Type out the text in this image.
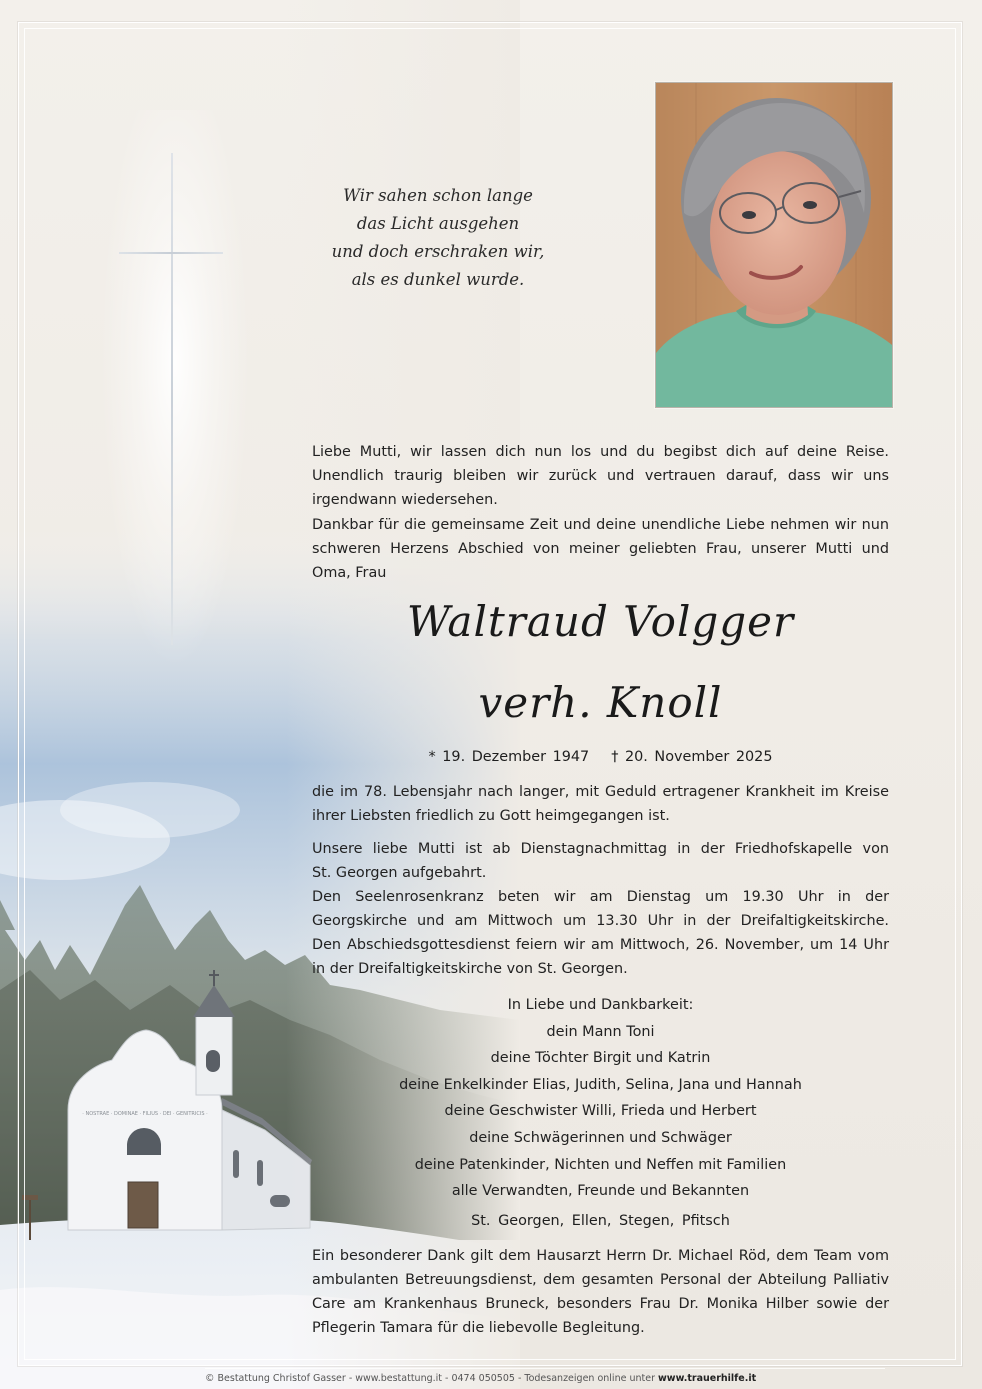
Wir sahen schon lange
das Licht ausgehen
und doch erschraken wir,
als es dunkel wurde.
Liebe Mutti, wir lassen dich nun los und du begibst dich auf deine Reise.
Unendlich traurig bleiben wir zurück und vertrauen darauf, dass wir uns
irgendwann wiedersehen.
Dankbar für die gemeinsame Zeit und deine unendliche Liebe nehmen wir nun
schweren Herzens Abschied von meiner geliebten Frau, unserer Mutti und
Oma, Frau
Waltraud Volgger
verh. Knoll
* 19. Dezember 1947 † 20. November 2025
die im 78. Lebensjahr nach langer, mit Geduld ertragener Krankheit im Kreise
ihrer Liebsten friedlich zu Gott heimgegangen ist.
Unsere liebe Mutti ist ab Dienstagnachmittag in der Friedhofskapelle von
St. Georgen aufgebahrt.
Den Seelenrosenkranz beten wir am Dienstag um 19.30 Uhr in der
Georgskirche und am Mittwoch um 13.30 Uhr in der Dreifaltigkeitskirche.
Den Abschiedsgottesdienst feiern wir am Mittwoch, 26. November, um 14 Uhr
in der Dreifaltigkeitskirche von St. Georgen.
In Liebe und Dankbarkeit:
dein Mann Toni
deine Töchter Birgit und Katrin
deine Enkelkinder Elias, Judith, Selina, Jana und Hannah
deine Geschwister Willi, Frieda und Herbert
deine Schwägerinnen und Schwäger
deine Patenkinder, Nichten und Neffen mit Familien
alle Verwandten, Freunde und Bekannten
St. Georgen, Ellen, Stegen, Pfitsch
Ein besonderer Dank gilt dem Hausarzt Herrn Dr. Michael Röd, dem Team vom
ambulanten Betreuungsdienst, dem gesamten Personal der Abteilung Palliativ
Care am Krankenhaus Bruneck, besonders Frau Dr. Monika Hilber sowie der
Pflegerin Tamara für die liebevolle Begleitung.
© Bestattung Christof Gasser - www.bestattung.it - 0474 050505 - Todesanzeigen online unter www.trauerhilfe.it
